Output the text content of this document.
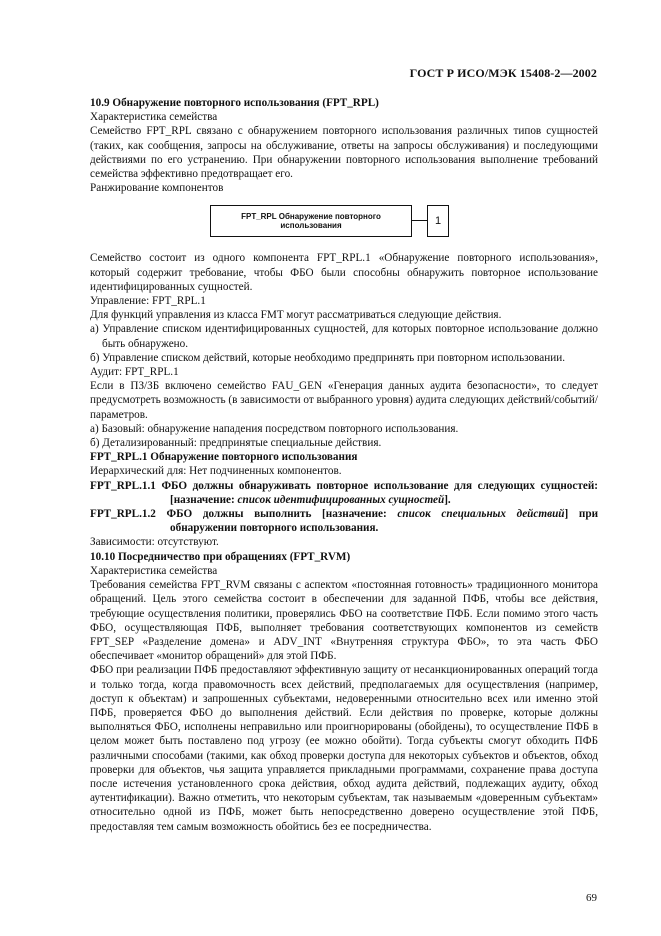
ГОСТ Р ИСО/МЭК 15408-2—2002

10.9 Обнаружение повторного использования (FPT_RPL)

Характеристика семейства

Семейство FPT_RPL связано с обнаружением повторного использования различных типов сущностей (таких, как сообщения, запросы на обслуживание, ответы на запросы обслуживания) и последующими действиями по его устранению. При обнаружении повторного использования выполнение требований семейства эффективно предотвращает его.

Ранжирование компонентов

FPT_RPL Обнаружение повторного использования	1

Семейство состоит из одного компонента FPT_RPL.1 «Обнаружение повторного использования», который содержит требование, чтобы ФБО были способны обнаружить повторное использование идентифицированных сущностей.

Управление: FPT_RPL.1

Для функций управления из класса FMT могут рассматриваться следующие действия.

а) Управление списком идентифицированных сущностей, для которых повторное использование должно быть обнаружено.

б) Управление списком действий, которые необходимо предпринять при повторном использовании.

Аудит: FPT_RPL.1

Если в ПЗ/ЗБ включено семейство FAU_GEN «Генерация данных аудита безопасности», то следует предусмотреть возможность (в зависимости от выбранного уровня) аудита следующих действий/событий/параметров.

а) Базовый: обнаружение нападения посредством повторного использования.

б) Детализированный: предпринятые специальные действия.

FPT_RPL.1 Обнаружение повторного использования

Иерархический для: Нет подчиненных компонентов.

FPT_RPL.1.1 ФБО должны обнаруживать повторное использование для следующих сущностей: [назначение: список идентифицированных сущностей].

FPT_RPL.1.2 ФБО должны выполнить [назначение: список специальных действий] при обнаружении повторного использования.

Зависимости: отсутствуют.

10.10 Посредничество при обращениях (FPT_RVM)

Характеристика семейства

Требования семейства FPT_RVM связаны с аспектом «постоянная готовность» традиционного монитора обращений. Цель этого семейства состоит в обеспечении для заданной ПФБ, чтобы все действия, требующие осуществления политики, проверялись ФБО на соответствие ПФБ. Если помимо этого часть ФБО, осуществляющая ПФБ, выполняет требования соответствующих компонентов из семейств FPT_SEP «Разделение домена» и ADV_INT «Внутренняя структура ФБО», то эта часть ФБО обеспечивает «монитор обращений» для этой ПФБ.

ФБО при реализации ПФБ предоставляют эффективную защиту от несанкционированных операций тогда и только тогда, когда правомочность всех действий, предполагаемых для осуществления (например, доступ к объектам) и запрошенных субъектами, недоверенными относительно всех или именно этой ПФБ, проверяется ФБО до выполнения действий. Если действия по проверке, которые должны выполняться ФБО, исполнены неправильно или проигнорированы (обойдены), то осуществление ПФБ в целом может быть поставлено под угрозу (ее можно обойти). Тогда субъекты смогут обходить ПФБ различными способами (такими, как обход проверки доступа для некоторых субъектов и объектов, обход проверки для объектов, чья защита управляется прикладными программами, сохранение права доступа после истечения установленного срока действия, обход аудита действий, подлежащих аудиту, обход аутентификации). Важно отметить, что некоторым субъектам, так называемым «доверенным субъектам» относительно одной из ПФБ, может быть непосредственно доверено осуществление этой ПФБ, предоставляя тем самым возможность обойтись без ее посредничества.

69
